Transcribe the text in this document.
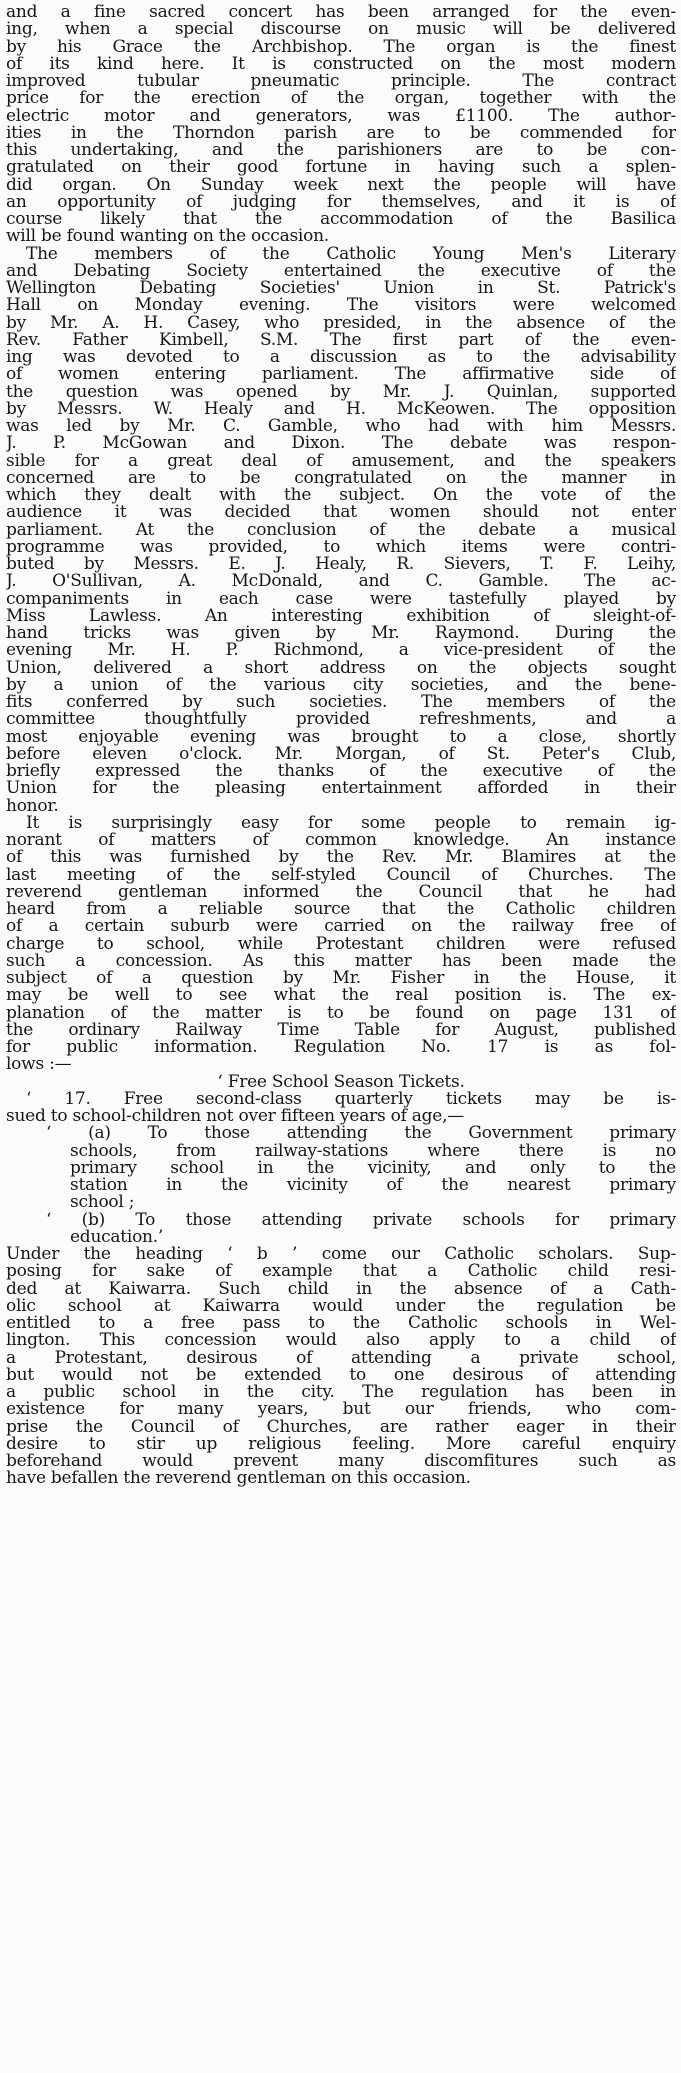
and a fine sacred concert has been arranged for the even-
ing, when a special discourse on music will be delivered
by his Grace the Archbishop. The organ is the finest
of its kind here. It is constructed on the most modern
improved tubular pneumatic principle. The contract
price for the erection of the organ, together with the
electric motor and generators, was £1100. The author-
ities in the Thorndon parish are to be commended for
this undertaking, and the parishioners are to be con-
gratulated on their good fortune in having such a splen-
did organ. On Sunday week next the people will have
an opportunity of judging for themselves, and it is of
course likely that the accommodation of the Basilica
will be found wanting on the occasion.
The members of the Catholic Young Men's Literary
and Debating Society entertained the executive of the
Wellington Debating Societies' Union in St. Patrick's
Hall on Monday evening. The visitors were welcomed
by Mr. A. H. Casey, who presided, in the absence of the
Rev. Father Kimbell, S.M. The first part of the even-
ing was devoted to a discussion as to the advisability
of women entering parliament. The affirmative side of
the question was opened by Mr. J. Quinlan, supported
by Messrs. W. Healy and H. McKeowen. The opposition
was led by Mr. C. Gamble, who had with him Messrs.
J. P. McGowan and Dixon. The debate was respon-
sible for a great deal of amusement, and the speakers
concerned are to be congratulated on the manner in
which they dealt with the subject. On the vote of the
audience it was decided that women should not enter
parliament. At the conclusion of the debate a musical
programme was provided, to which items were contri-
buted by Messrs. E. J. Healy, R. Sievers, T. F. Leihy,
J. O'Sullivan, A. McDonald, and C. Gamble. The ac-
companiments in each case were tastefully played by
Miss Lawless. An interesting exhibition of sleight-of-
hand tricks was given by Mr. Raymond. During the
evening Mr. H. P. Richmond, a vice-president of the
Union, delivered a short address on the objects sought
by a union of the various city societies, and the bene-
fits conferred by such societies. The members of the
committee thoughtfully provided refreshments, and a
most enjoyable evening was brought to a close, shortly
before eleven o'clock. Mr. Morgan, of St. Peter's Club,
briefly expressed the thanks of the executive of the
Union for the pleasing entertainment afforded in their
honor.
It is surprisingly easy for some people to remain ig-
norant of matters of common knowledge. An instance
of this was furnished by the Rev. Mr. Blamires at the
last meeting of the self-styled Council of Churches. The
reverend gentleman informed the Council that he had
heard from a reliable source that the Catholic children
of a certain suburb were carried on the railway free of
charge to school, while Protestant children were refused
such a concession. As this matter has been made the
subject of a question by Mr. Fisher in the House, it
may be well to see what the real position is. The ex-
planation of the matter is to be found on page 131 of
the ordinary Railway Time Table for August, published
for public information. Regulation No. 17 is as fol-
lows :—
‘ Free School Season Tickets.
‘ 17. Free second-class quarterly tickets may be is-
sued to school-children not over fifteen years of age,—
‘ (a) To those attending the Government primary
schools, from railway-stations where there is no
primary school in the vicinity, and only to the
station in the vicinity of the nearest primary
school ;
‘ (b) To those attending private schools for primary
education.’
Under the heading ‘ b ’ come our Catholic scholars. Sup-
posing for sake of example that a Catholic child resi-
ded at Kaiwarra. Such child in the absence of a Cath-
olic school at Kaiwarra would under the regulation be
entitled to a free pass to the Catholic schools in Wel-
lington. This concession would also apply to a child of
a Protestant, desirous of attending a private school,
but would not be extended to one desirous of attending
a public school in the city. The regulation has been in
existence for many years, but our friends, who com-
prise the Council of Churches, are rather eager in their
desire to stir up religious feeling. More careful enquiry
beforehand would prevent many discomfitures such as
have befallen the reverend gentleman on this occasion.
